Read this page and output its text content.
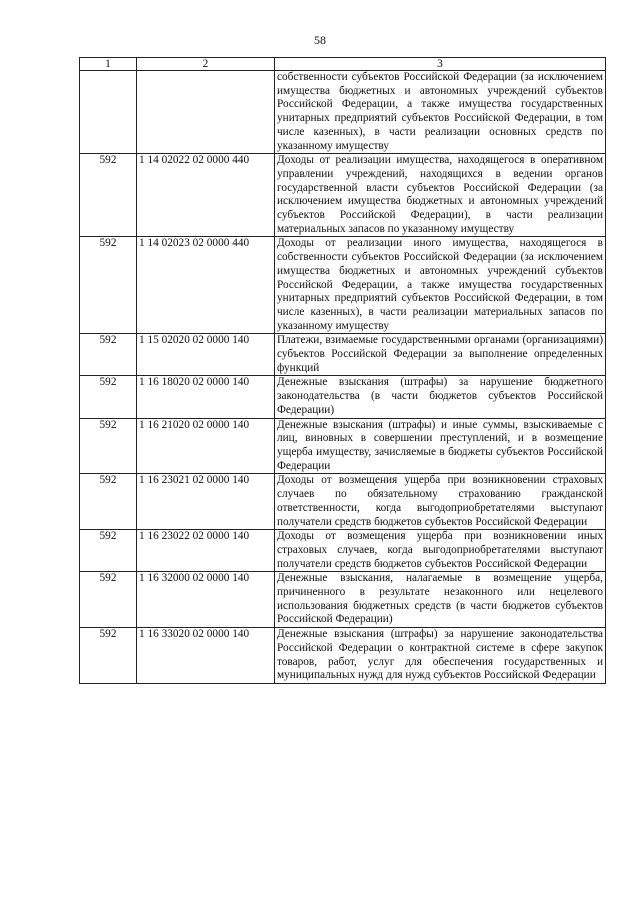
58
1	2	3
		собственности субъектов Российской Федерации (за исключением имущества бюджетных и автономных учреждений субъектов Российской Федерации, а также имущества государственных унитарных предприятий субъектов Российской Федерации, в том числе казенных), в части реализации основных средств по указанному имуществу
592	1 14 02022 02 0000 440	Доходы от реализации имущества, находящегося в оперативном управлении учреждений, находящихся в ведении органов государственной власти субъектов Российской Федерации (за исключением имущества бюджетных и автономных учреждений субъектов Российской Федерации), в части реализации материальных запасов по указанному имуществу
592	1 14 02023 02 0000 440	Доходы от реализации иного имущества, находящегося в собственности субъектов Российской Федерации (за исключением имущества бюджетных и автономных учреждений субъектов Российской Федерации, а также имущества государственных унитарных предприятий субъектов Российской Федерации, в том числе казенных), в части реализации материальных запасов по указанному имуществу
592	1 15 02020 02 0000 140	Платежи, взимаемые государственными органами (организациями) субъектов Российской Федерации за выполнение определенных функций
592	1 16 18020 02 0000 140	Денежные взыскания (штрафы) за нарушение бюджетного законодательства (в части бюджетов субъектов Российской Федерации)
592	1 16 21020 02 0000 140	Денежные взыскания (штрафы) и иные суммы, взыскиваемые с лиц, виновных в совершении преступлений, и в возмещение ущерба имуществу, зачисляемые в бюджеты субъектов Российской Федерации
592	1 16 23021 02 0000 140	Доходы от возмещения ущерба при возникновении страховых случаев по обязательному страхованию гражданской ответственности, когда выгодоприобретателями выступают получатели средств бюджетов субъектов Российской Федерации
592	1 16 23022 02 0000 140	Доходы от возмещения ущерба при возникновении иных страховых случаев, когда выгодоприобретателями выступают получатели средств бюджетов субъектов Российской Федерации
592	1 16 32000 02 0000 140	Денежные взыскания, налагаемые в возмещение ущерба, причиненного в результате незаконного или нецелевого использования бюджетных средств (в части бюджетов субъектов Российской Федерации)
592	1 16 33020 02 0000 140	Денежные взыскания (штрафы) за нарушение законодательства Российской Федерации о контрактной системе в сфере закупок товаров, работ, услуг для обеспечения государственных и муниципальных нужд для нужд субъектов Российской Федерации
